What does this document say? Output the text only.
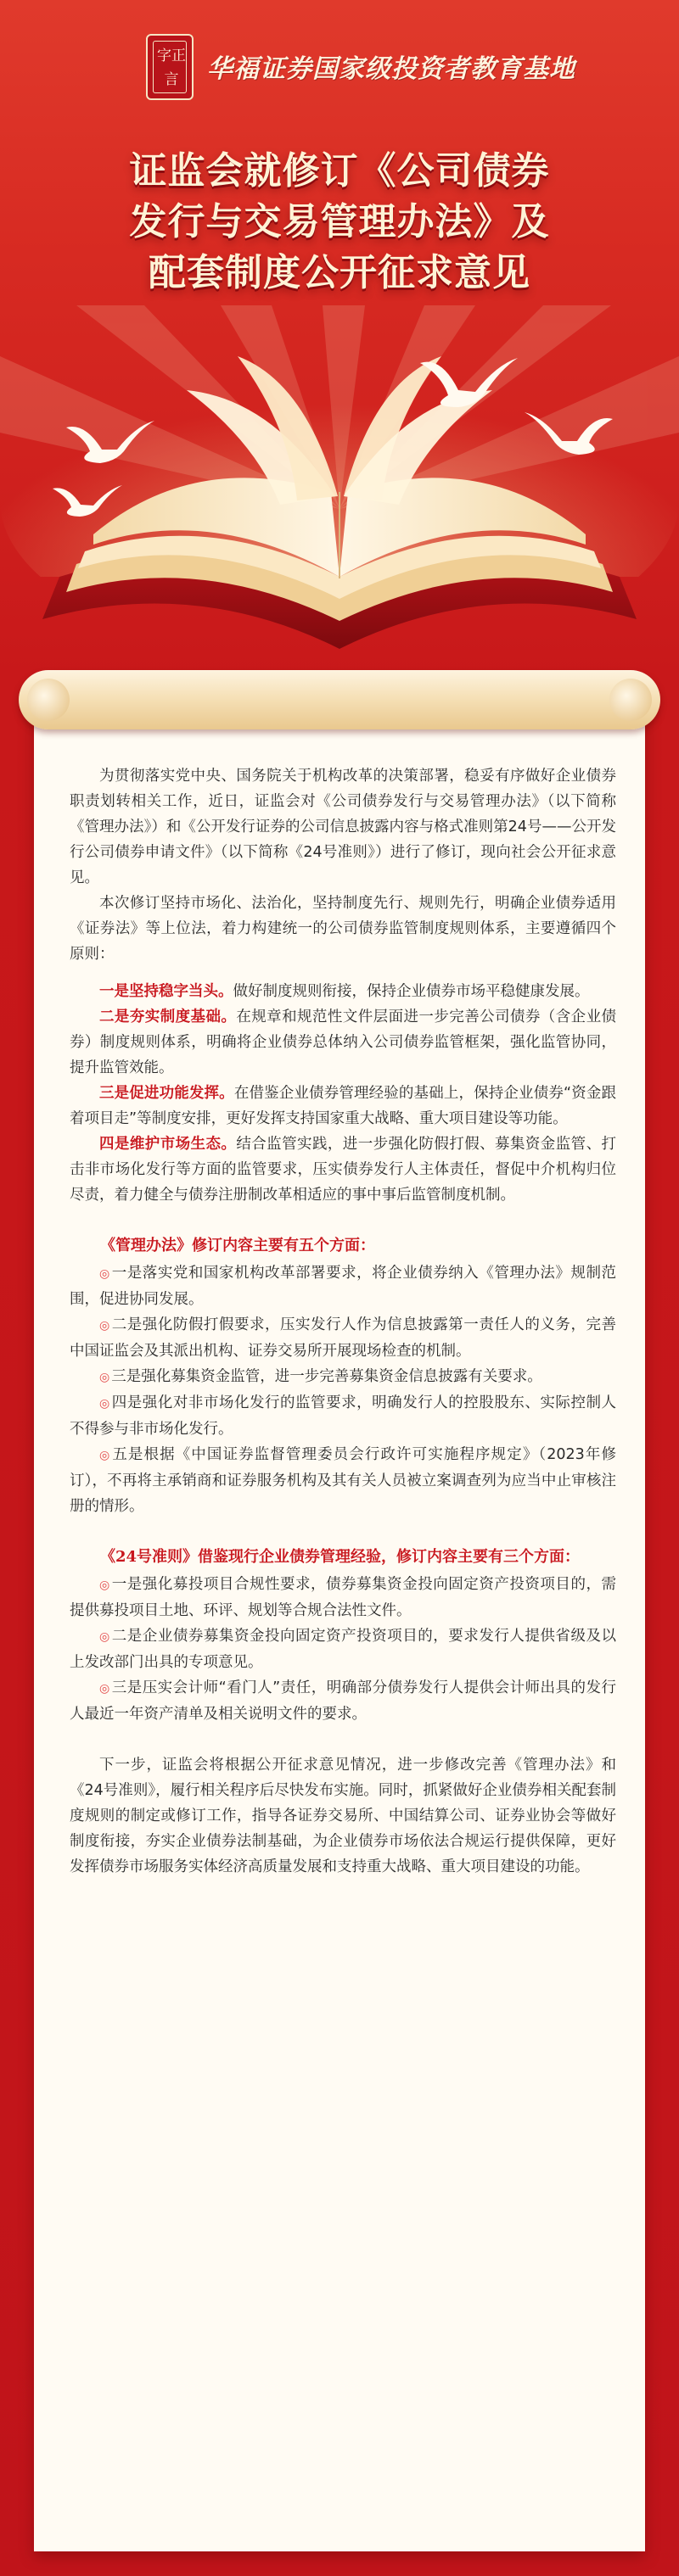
字正言	华福证券国家级投资者教育基地
证监会就修订《公司债券
发行与交易管理办法》及
配套制度公开征求意见

为贯彻落实党中央、国务院关于机构改革的决策部署，稳妥有序做好企业债券职责划转相关工作，近日，证监会对《公司债券发行与交易管理办法》（以下简称《管理办法》）和《公开发行证券的公司信息披露内容与格式准则第24号——公开发行公司债券申请文件》（以下简称《24号准则》）进行了修订，现向社会公开征求意见。

本次修订坚持市场化、法治化，坚持制度先行、规则先行，明确企业债券适用《证券法》等上位法，着力构建统一的公司债券监管制度规则体系，主要遵循四个原则：

一是坚持稳字当头。做好制度规则衔接，保持企业债券市场平稳健康发展。

二是夯实制度基础。在规章和规范性文件层面进一步完善公司债券（含企业债券）制度规则体系，明确将企业债券总体纳入公司债券监管框架，强化监管协同，提升监管效能。

三是促进功能发挥。在借鉴企业债券管理经验的基础上，保持企业债券“资金跟着项目走”等制度安排，更好发挥支持国家重大战略、重大项目建设等功能。

四是维护市场生态。结合监管实践，进一步强化防假打假、募集资金监管、打击非市场化发行等方面的监管要求，压实债券发行人主体责任，督促中介机构归位尽责，着力健全与债券注册制改革相适应的事中事后监管制度机制。

《管理办法》修订内容主要有五个方面：

◎ 一是落实党和国家机构改革部署要求，将企业债券纳入《管理办法》规制范围，促进协同发展。

◎ 二是强化防假打假要求，压实发行人作为信息披露第一责任人的义务，完善中国证监会及其派出机构、证券交易所开展现场检查的机制。

◎ 三是强化募集资金监管，进一步完善募集资金信息披露有关要求。

◎ 四是强化对非市场化发行的监管要求，明确发行人的控股股东、实际控制人不得参与非市场化发行。

◎ 五是根据《中国证券监督管理委员会行政许可实施程序规定》（2023年修订），不再将主承销商和证券服务机构及其有关人员被立案调查列为应当中止审核注册的情形。

《24号准则》借鉴现行企业债券管理经验，修订内容主要有三个方面：

◎ 一是强化募投项目合规性要求，债券募集资金投向固定资产投资项目的，需提供募投项目土地、环评、规划等合规合法性文件。

◎ 二是企业债券募集资金投向固定资产投资项目的，要求发行人提供省级及以上发改部门出具的专项意见。

◎ 三是压实会计师“看门人”责任，明确部分债券发行人提供会计师出具的发行人最近一年资产清单及相关说明文件的要求。

下一步，证监会将根据公开征求意见情况，进一步修改完善《管理办法》和《24号准则》，履行相关程序后尽快发布实施。同时，抓紧做好企业债券相关配套制度规则的制定或修订工作，指导各证券交易所、中国结算公司、证券业协会等做好制度衔接，夯实企业债券法制基础，为企业债券市场依法合规运行提供保障，更好发挥债券市场服务实体经济高质量发展和支持重大战略、重大项目建设的功能。
